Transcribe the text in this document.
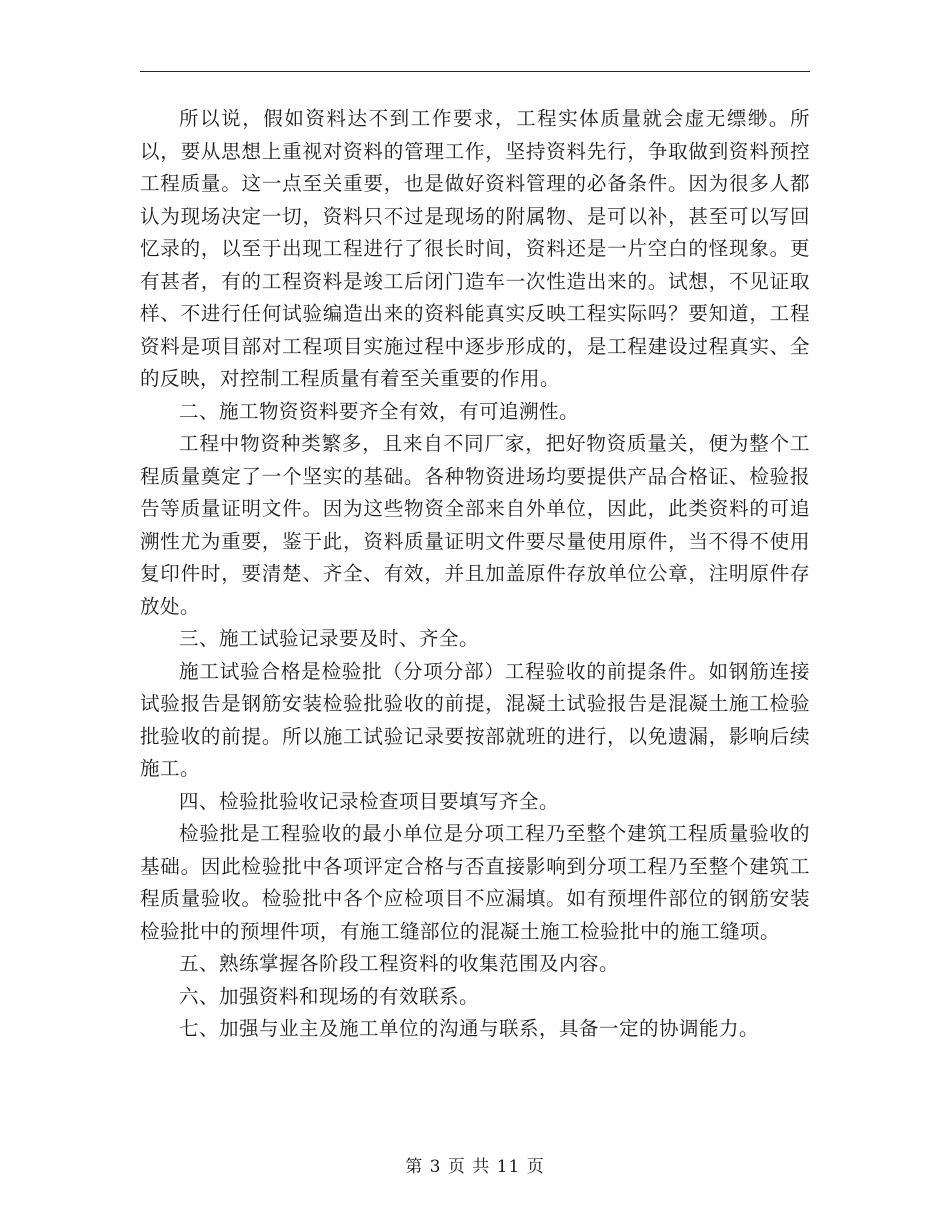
所以说，假如资料达不到工作要求，工程实体质量就会虚无缥缈。所以，要从思想上重视对资料的管理工作，坚持资料先行，争取做到资料预控工程质量。这一点至关重要，也是做好资料管理的必备条件。因为很多人都认为现场决定一切，资料只不过是现场的附属物、是可以补，甚至可以写回忆录的，以至于出现工程进行了很长时间，资料还是一片空白的怪现象。更有甚者，有的工程资料是竣工后闭门造车一次性造出来的。试想，不见证取样、不进行任何试验编造出来的资料能真实反映工程实际吗？要知道，工程资料是项目部对工程项目实施过程中逐步形成的，是工程建设过程真实、全的反映，对控制工程质量有着至关重要的作用。

二、施工物资资料要齐全有效，有可追溯性。

工程中物资种类繁多，且来自不同厂家，把好物资质量关，便为整个工程质量奠定了一个坚实的基础。各种物资进场均要提供产品合格证、检验报告等质量证明文件。因为这些物资全部来自外单位，因此，此类资料的可追溯性尤为重要，鉴于此，资料质量证明文件要尽量使用原件，当不得不使用复印件时，要清楚、齐全、有效，并且加盖原件存放单位公章，注明原件存放处。

三、施工试验记录要及时、齐全。

施工试验合格是检验批（分项分部）工程验收的前提条件。如钢筋连接试验报告是钢筋安装检验批验收的前提，混凝土试验报告是混凝土施工检验批验收的前提。所以施工试验记录要按部就班的进行，以免遗漏，影响后续施工。

四、检验批验收记录检查项目要填写齐全。

检验批是工程验收的最小单位是分项工程乃至整个建筑工程质量验收的基础。因此检验批中各项评定合格与否直接影响到分项工程乃至整个建筑工程质量验收。检验批中各个应检项目不应漏填。如有预埋件部位的钢筋安装检验批中的预埋件项，有施工缝部位的混凝土施工检验批中的施工缝项。

五、熟练掌握各阶段工程资料的收集范围及内容。

六、加强资料和现场的有效联系。

七、加强与业主及施工单位的沟通与联系，具备一定的协调能力。

第 3 页 共 11 页
